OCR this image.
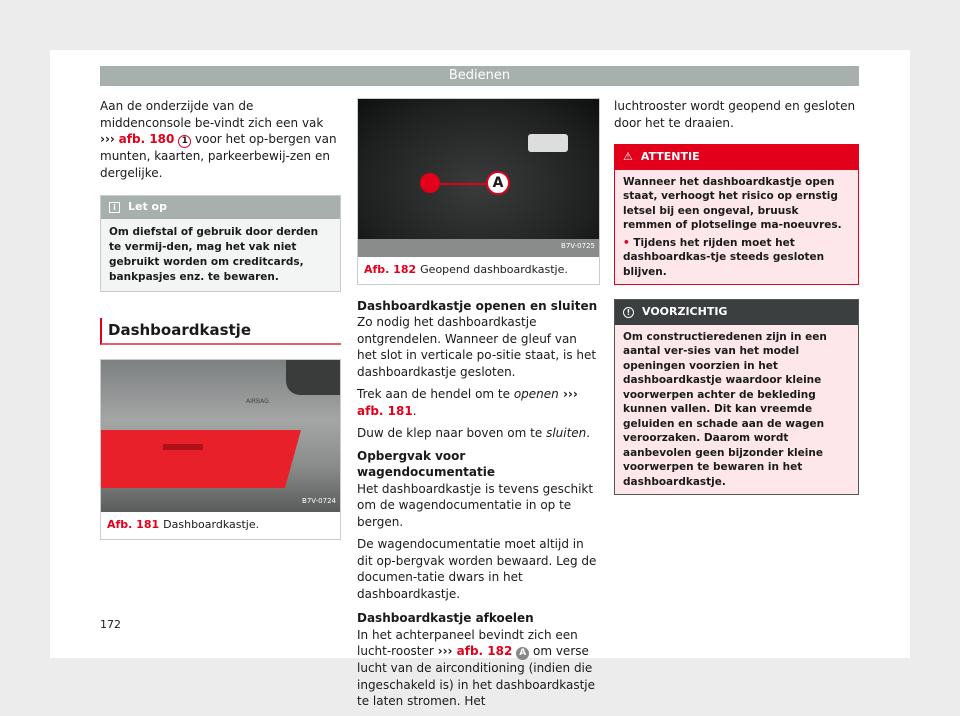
Bedienen

Aan de onderzijde van de middenconsole be-vindt zich een vak ››› afb. 180 1 voor het op-bergen van munten, kaarten, parkeerbewij-zen en dergelijke.

i Let op
Om diefstal of gebruik door derden te vermij-den, mag het vak niet gebruikt worden om creditcards, bankpasjes enz. te bewaren.
Dashboardkastje
AIRBAG
B7V-0724
Afb. 181 Dashboardkastje.
A
B7V-0725
Afb. 182 Geopend dashboardkastje.
Dashboardkastje openen en sluiten

Zo nodig het dashboardkastje ontgrendelen. Wanneer de gleuf van het slot in verticale po-sitie staat, is het dashboardkastje gesloten.

Trek aan de hendel om te openen ››› afb. 181.

Duw de klep naar boven om te sluiten.

Opbergvak voor wagendocumentatie

Het dashboardkastje is tevens geschikt om de wagendocumentatie in op te bergen.

De wagendocumentatie moet altijd in dit op-bergvak worden bewaard. Leg de documen-tatie dwars in het dashboardkastje.

Dashboardkastje afkoelen

In het achterpaneel bevindt zich een lucht-rooster ››› afb. 182 A om verse lucht van de airconditioning (indien die ingeschakeld is) in het dashboardkastje te laten stromen. Het

luchtrooster wordt geopend en gesloten door het te draaien.

⚠ ATTENTIE
Wanneer het dashboardkastje open staat, verhoogt het risico op ernstig letsel bij een ongeval, bruusk remmen of plotselinge ma-noeuvres.
• Tijdens het rijden moet het dashboardkas-tje steeds gesloten blijven.
! VOORZICHTIG
Om constructieredenen zijn in een aantal ver-sies van het model openingen voorzien in het dashboardkastje waardoor kleine voorwerpen achter de bekleding kunnen vallen. Dit kan vreemde geluiden en schade aan de wagen veroorzaken. Daarom wordt aanbevolen geen bijzonder kleine voorwerpen te bewaren in het dashboardkastje.
172
